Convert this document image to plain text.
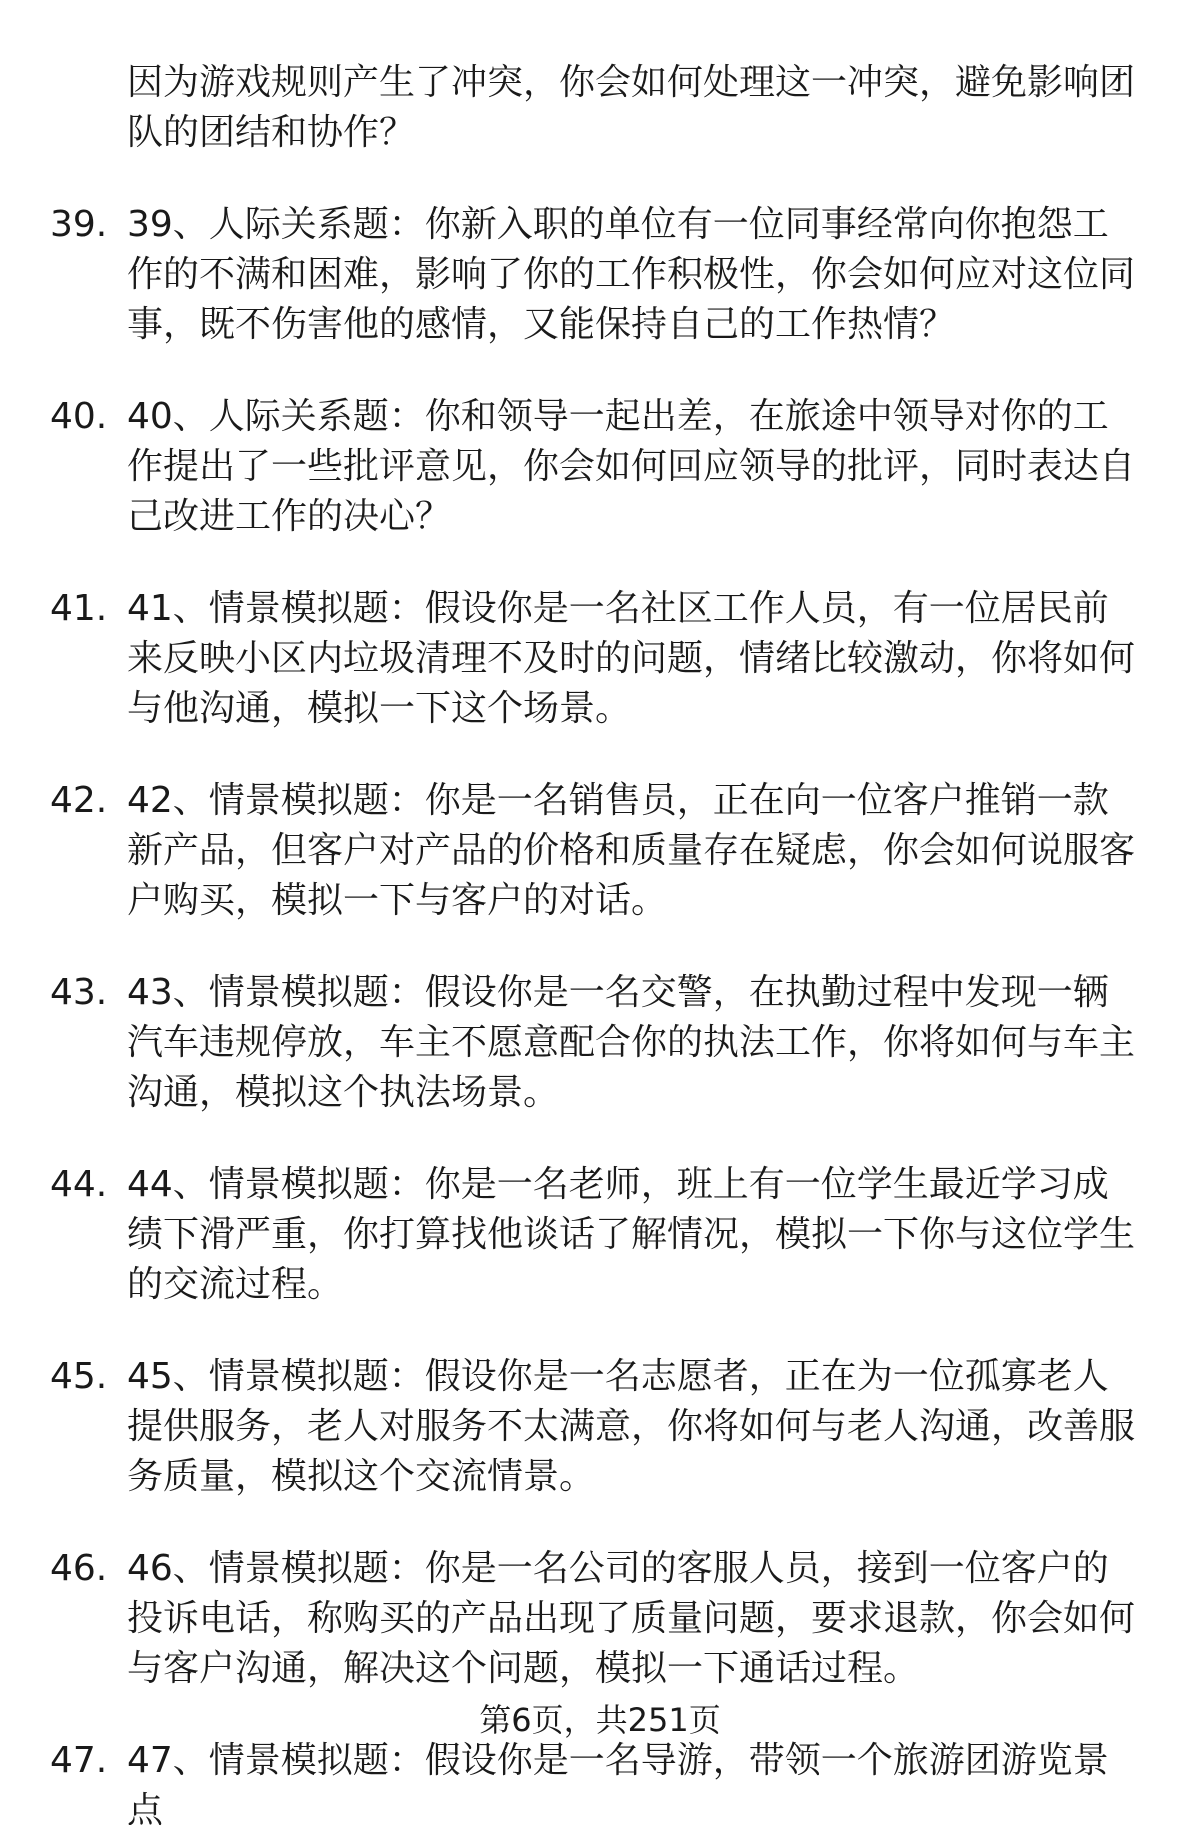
因为游戏规则产生了冲突，你会如何处理这一冲突，避免影响团队的团结和协作？
39. 39、人际关系题：你新入职的单位有一位同事经常向你抱怨工作的不满和困难，影响了你的工作积极性，你会如何应对这位同事，既不伤害他的感情，又能保持自己的工作热情？
40. 40、人际关系题：你和领导一起出差，在旅途中领导对你的工作提出了一些批评意见，你会如何回应领导的批评，同时表达自己改进工作的决心？
41. 41、情景模拟题：假设你是一名社区工作人员，有一位居民前来反映小区内垃圾清理不及时的问题，情绪比较激动，你将如何与他沟通，模拟一下这个场景。
42. 42、情景模拟题：你是一名销售员，正在向一位客户推销一款新产品，但客户对产品的价格和质量存在疑虑，你会如何说服客户购买，模拟一下与客户的对话。
43. 43、情景模拟题：假设你是一名交警，在执勤过程中发现一辆汽车违规停放，车主不愿意配合你的执法工作，你将如何与车主沟通，模拟这个执法场景。
44. 44、情景模拟题：你是一名老师，班上有一位学生最近学习成绩下滑严重，你打算找他谈话了解情况，模拟一下你与这位学生的交流过程。
45. 45、情景模拟题：假设你是一名志愿者，正在为一位孤寡老人提供服务，老人对服务不太满意，你将如何与老人沟通，改善服务质量，模拟这个交流情景。
46. 46、情景模拟题：你是一名公司的客服人员，接到一位客户的投诉电话，称购买的产品出现了质量问题，要求退款，你会如何与客户沟通，解决这个问题，模拟一下通话过程。
47. 47、情景模拟题：假设你是一名导游，带领一个旅游团游览景点
第6页，共251页
